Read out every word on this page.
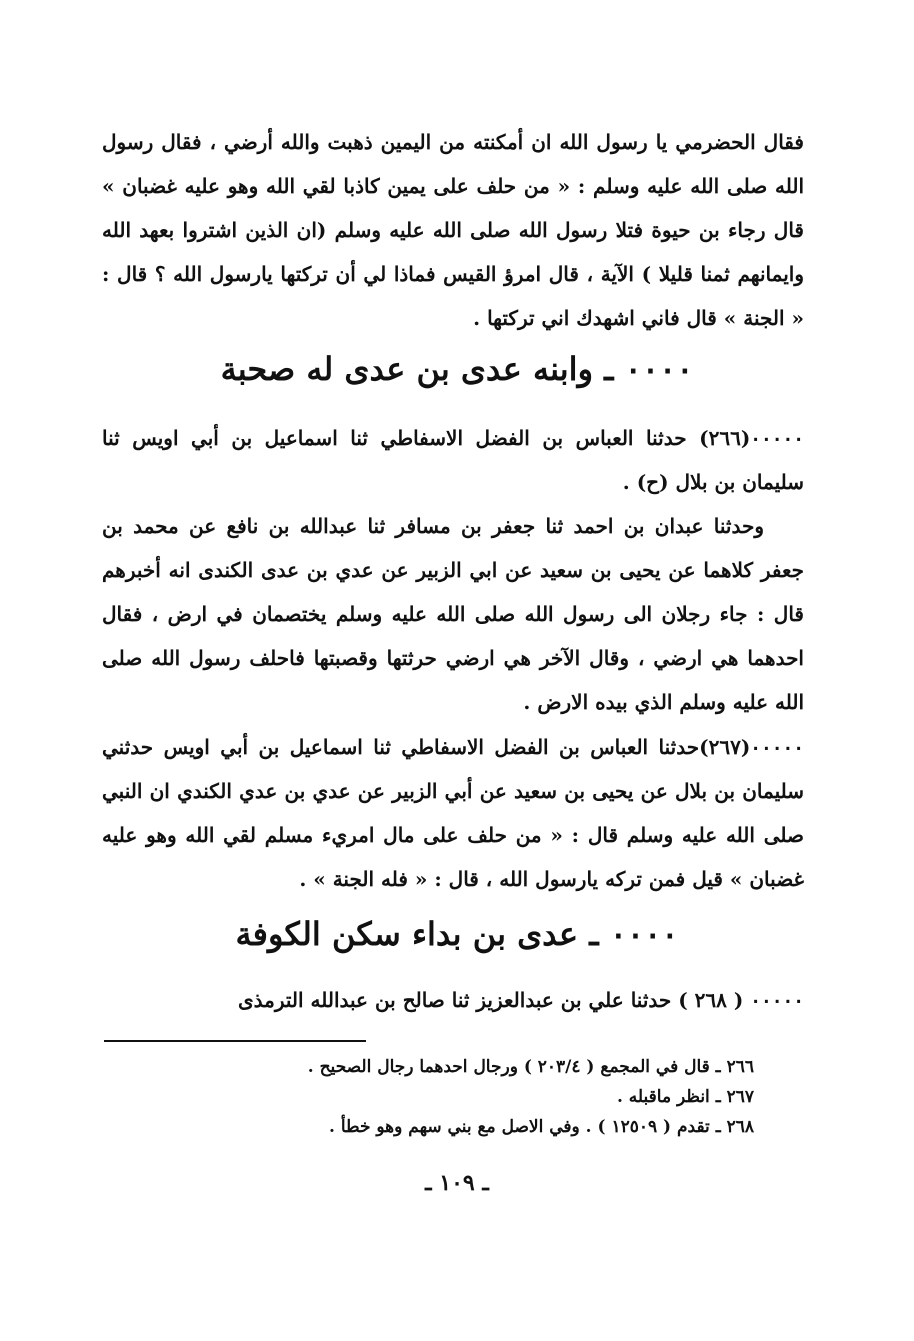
ﻓﻘﺎﻝ ﺍﻟﺤﻀﺮﻣﻲ ﻳﺎ ﺭﺳﻮﻝ ﺍﻟﻠﻪ ﺍﻥ ﺃﻣﻜﻨﺘﻪ ﻣﻦ ﺍﻟﻴﻤﻴﻦ ﺫﻫﺒﺖ ﻭﺍﻟﻠﻪ ﺃﺭﺿﻲ ، ﻓﻘﺎﻝ ﺭﺳﻮﻝ ﺍﻟﻠﻪ ﺻﻠﻰ ﺍﻟﻠﻪ ﻋﻠﻴﻪ ﻭﺳﻠﻢ : « ﻣﻦ ﺣﻠﻒ ﻋﻠﻰ ﻳﻤﻴﻦ ﻛﺎﺫﺑﺎ ﻟﻘﻲ ﺍﻟﻠﻪ ﻭﻫﻮ ﻋﻠﻴﻪ ﻏﻀﺒﺎﻥ » ﻗﺎﻝ ﺭﺟﺎﺀ ﺑﻦ ﺣﻴﻮﺓ ﻓﺘﻼ ﺭﺳﻮﻝ ﺍﻟﻠﻪ ﺻﻠﻰ ﺍﻟﻠﻪ ﻋﻠﻴﻪ ﻭﺳﻠﻢ (ﺍﻥ ﺍﻟﺬﻳﻦ ﺍﺷﺘﺮﻭﺍ ﺑﻌﻬﺪ ﺍﻟﻠﻪ ﻭﺍﻳﻤﺎﻧﻬﻢ ﺛﻤﻨﺎ ﻗﻠﻴﻼ ) ﺍﻵﻳﺔ ، ﻗﺎﻝ ﺍﻣﺮﺅ ﺍﻟﻘﻴﺲ ﻓﻤﺎﺫﺍ ﻟﻲ ﺃﻥ ﺗﺮﻛﺘﻬﺎ ﻳﺎﺭﺳﻮﻝ ﺍﻟﻠﻪ ؟ ﻗﺎﻝ : « ﺍﻟﺠﻨﺔ » ﻗﺎﻝ ﻓﺎﻧﻲ ﺍﺷﻬﺪﻙ ﺍﻧﻲ ﺗﺮﻛﺘﻬﺎ .

٠٠٠٠ ـ ﻭﺍﺑﻨﻪ ﻋﺪﻯ ﺑﻦ ﻋﺪﻯ ﻟﻪ ﺻﺤﺒﺔ

٠٠٠٠٠(٢٦٦) ﺣﺪﺛﻨﺎ ﺍﻟﻌﺒﺎﺱ ﺑﻦ ﺍﻟﻔﻀﻞ ﺍﻻﺳﻔﺎﻃﻲ ﺛﻨﺎ ﺍﺳﻤﺎﻋﻴﻞ ﺑﻦ ﺃﺑﻲ ﺍﻭﻳﺲ ﺛﻨﺎ ﺳﻠﻴﻤﺎﻥ ﺑﻦ ﺑﻼﻝ (ﺡ) .

ﻭﺣﺪﺛﻨﺎ ﻋﺒﺪﺍﻥ ﺑﻦ ﺍﺣﻤﺪ ﺛﻨﺎ ﺟﻌﻔﺮ ﺑﻦ ﻣﺴﺎﻓﺮ ﺛﻨﺎ ﻋﺒﺪﺍﻟﻠﻪ ﺑﻦ ﻧﺎﻓﻊ ﻋﻦ ﻣﺤﻤﺪ ﺑﻦ ﺟﻌﻔﺮ ﻛﻼﻫﻤﺎ ﻋﻦ ﻳﺤﻴﻰ ﺑﻦ ﺳﻌﻴﺪ ﻋﻦ ﺍﺑﻲ ﺍﻟﺰﺑﻴﺮ ﻋﻦ ﻋﺪﻱ ﺑﻦ ﻋﺪﻯ ﺍﻟﻜﻨﺪﻯ ﺍﻧﻪ ﺃﺧﺒﺮﻫﻢ ﻗﺎﻝ : ﺟﺎﺀ ﺭﺟﻼﻥ ﺍﻟﻰ ﺭﺳﻮﻝ ﺍﻟﻠﻪ ﺻﻠﻰ ﺍﻟﻠﻪ ﻋﻠﻴﻪ ﻭﺳﻠﻢ ﻳﺨﺘﺼﻤﺎﻥ ﻓﻲ ﺍﺭﺽ ، ﻓﻘﺎﻝ ﺍﺣﺪﻫﻤﺎ ﻫﻲ ﺍﺭﺿﻲ ، ﻭﻗﺎﻝ ﺍﻵﺧﺮ ﻫﻲ ﺍﺭﺿﻲ ﺣﺮﺛﺘﻬﺎ ﻭﻗﺼﺒﺘﻬﺎ ﻓﺎﺣﻠﻒ ﺭﺳﻮﻝ ﺍﻟﻠﻪ ﺻﻠﻰ ﺍﻟﻠﻪ ﻋﻠﻴﻪ ﻭﺳﻠﻢ ﺍﻟﺬﻱ ﺑﻴﺪﻩ ﺍﻻﺭﺽ .

٠٠٠٠٠(٢٦٧)ﺣﺪﺛﻨﺎ ﺍﻟﻌﺒﺎﺱ ﺑﻦ ﺍﻟﻔﻀﻞ ﺍﻻﺳﻔﺎﻃﻲ ﺛﻨﺎ ﺍﺳﻤﺎﻋﻴﻞ ﺑﻦ ﺃﺑﻲ ﺍﻭﻳﺲ ﺣﺪﺛﻨﻲ ﺳﻠﻴﻤﺎﻥ ﺑﻦ ﺑﻼﻝ ﻋﻦ ﻳﺤﻴﻰ ﺑﻦ ﺳﻌﻴﺪ ﻋﻦ ﺃﺑﻲ ﺍﻟﺰﺑﻴﺮ ﻋﻦ ﻋﺪﻱ ﺑﻦ ﻋﺪﻱ ﺍﻟﻜﻨﺪﻱ ﺍﻥ ﺍﻟﻨﺒﻲ ﺻﻠﻰ ﺍﻟﻠﻪ ﻋﻠﻴﻪ ﻭﺳﻠﻢ ﻗﺎﻝ : « ﻣﻦ ﺣﻠﻒ ﻋﻠﻰ ﻣﺎﻝ ﺍﻣﺮﻱﺀ ﻣﺴﻠﻢ ﻟﻘﻲ ﺍﻟﻠﻪ ﻭﻫﻮ ﻋﻠﻴﻪ ﻏﻀﺒﺎﻥ » ﻗﻴﻞ ﻓﻤﻦ ﺗﺮﻛﻪ ﻳﺎﺭﺳﻮﻝ ﺍﻟﻠﻪ ، ﻗﺎﻝ : « ﻓﻠﻪ ﺍﻟﺠﻨﺔ » .

٠٠٠٠ ـ ﻋﺪﻯ ﺑﻦ ﺑﺪﺍﺀ ﺳﻜﻦ ﺍﻟﻜﻮﻓﺔ

٠٠٠٠٠ ( ٢٦٨ ) ﺣﺪﺛﻨﺎ ﻋﻠﻲ ﺑﻦ ﻋﺒﺪﺍﻟﻌﺰﻳﺰ ﺛﻨﺎ ﺻﺎﻟﺢ ﺑﻦ ﻋﺒﺪﺍﻟﻠﻪ ﺍﻟﺘﺮﻣﺬﻯ

٢٦٦ ـ ﻗﺎﻝ ﻓﻲ ﺍﻟﻤﺠﻤﻊ ( ٢٠٣/٤ ) ﻭﺭﺟﺎﻝ ﺍﺣﺪﻫﻤﺎ ﺭﺟﺎﻝ ﺍﻟﺼﺤﻴﺢ .
٢٦٧ ـ ﺍﻧﻈﺮ ﻣﺎﻗﺒﻠﻪ .
٢٦٨ ـ ﺗﻘﺪﻡ ( ١٢٥٠٩ ) . ﻭﻓﻲ ﺍﻻﺻﻞ ﻣﻊ ﺑﻨﻲ ﺳﻬﻢ ﻭﻫﻮ ﺧﻄﺄ .
ـ ١٠٩ ـ
